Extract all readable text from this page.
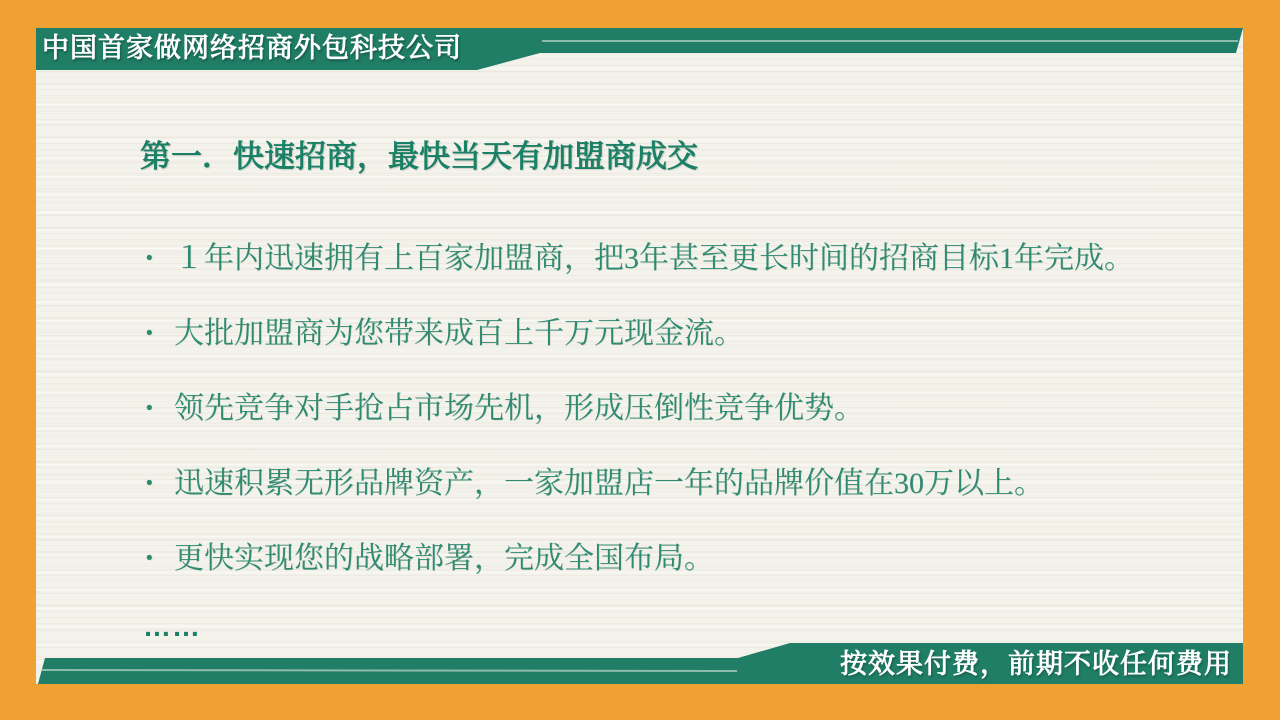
中国首家做网络招商外包科技公司
第一．快速招商，最快当天有加盟商成交
• １年内迅速拥有上百家加盟商，把3年甚至更长时间的招商目标1年完成。
• 大批加盟商为您带来成百上千万元现金流。
• 领先竞争对手抢占市场先机，形成压倒性竞争优势。
• 迅速积累无形品牌资产，一家加盟店一年的品牌价值在30万以上。
• 更快实现您的战略部署，完成全国布局。
……
按效果付费，前期不收任何费用
